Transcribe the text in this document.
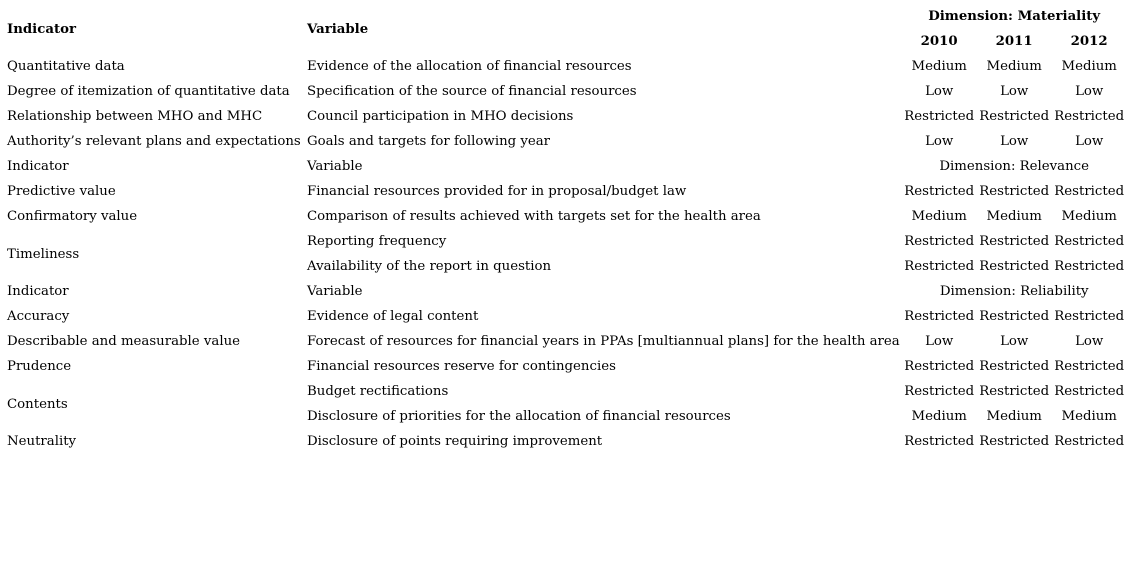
Indicator	Variable	Dimension: Materiality		
		2010	2011	2012
Quantitative data	Evidence of the allocation of financial resources	Medium	Medium	Medium
Degree of itemization of quantitative data	Specification of the source of financial resources	Low	Low	Low
Relationship between MHO and MHC	Council participation in MHO decisions	Restricted	Restricted	Restricted
Authority’s relevant plans and expectations	Goals and targets for following year	Low	Low	Low
Indicator	Variable	Dimension: Relevance		
Predictive value	Financial resources provided for in proposal/budget law	Restricted	Restricted	Restricted
Confirmatory value	Comparison of results achieved with targets set for the health area	Medium	Medium	Medium
Timeliness	Reporting frequency	Restricted	Restricted	Restricted
	Availability of the report in question	Restricted	Restricted	Restricted
Indicator	Variable	Dimension: Reliability		
Accuracy	Evidence of legal content	Restricted	Restricted	Restricted
Describable and measurable value	Forecast of resources for financial years in PPAs [multiannual plans] for the health area	Low	Low	Low
Prudence	Financial resources reserve for contingencies	Restricted	Restricted	Restricted
Contents	Budget rectifications	Restricted	Restricted	Restricted
	Disclosure of priorities for the allocation of financial resources	Medium	Medium	Medium
Neutrality	Disclosure of points requiring improvement	Restricted	Restricted	Restricted
